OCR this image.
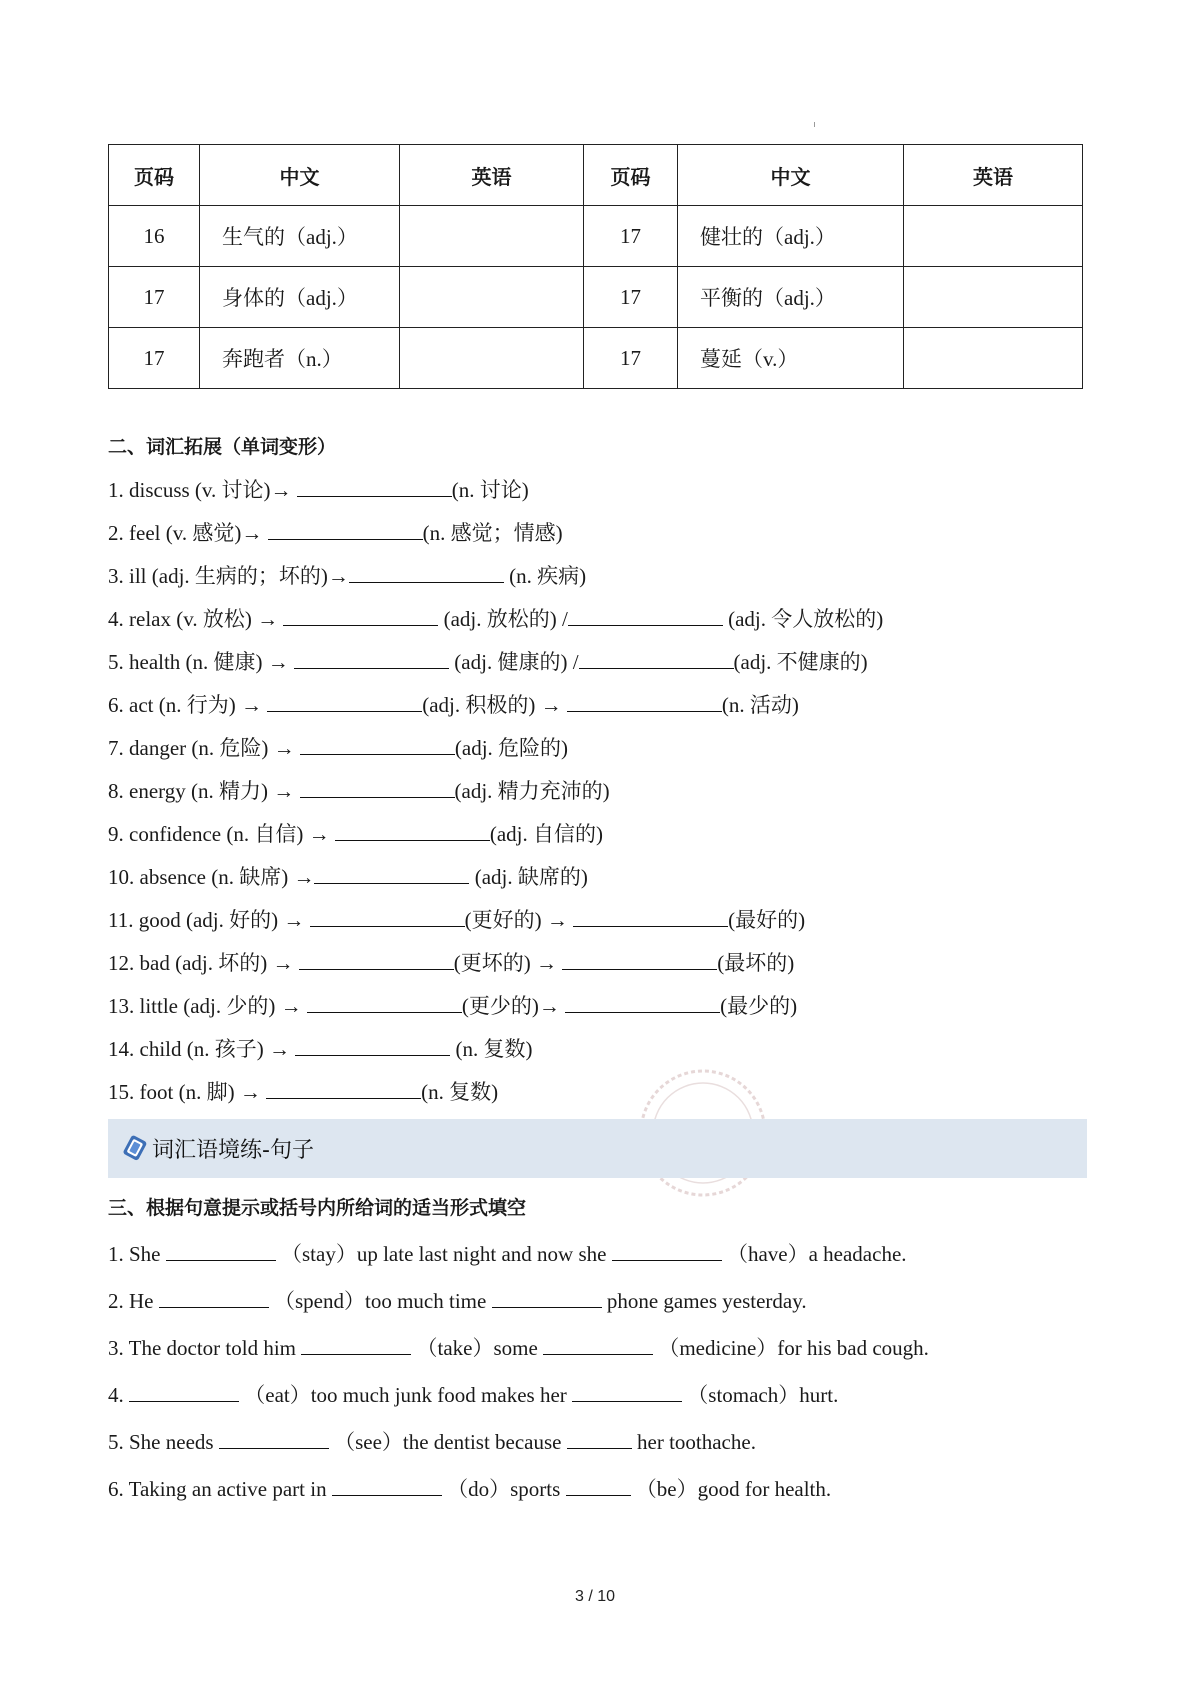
页码	中文	英语	页码	中文	英语
16	生气的（adj.）		17	健壮的（adj.）	
17	身体的（adj.）		17	平衡的（adj.）	
17	奔跑者（n.）		17	蔓延（v.）	
二、词汇拓展（单词变形）
1. discuss (v. 讨论)→	(n. 讨论)
2. feel (v. 感觉)→	(n. 感觉；情感)
3. ill (adj. 生病的；坏的)→	(n. 疾病)
4. relax (v. 放松) →	(adj. 放松的) /	(adj. 令人放松的)
5. health (n. 健康) →	(adj. 健康的) /	(adj. 不健康的)
6. act (n. 行为) →	(adj. 积极的) →	(n. 活动)
7. danger (n. 危险) →	(adj. 危险的)
8. energy (n. 精力) →	(adj. 精力充沛的)
9. confidence (n. 自信) →	(adj. 自信的)
10. absence (n. 缺席) →	(adj. 缺席的)
11. good (adj. 好的) →	(更好的) →	(最好的)
12. bad (adj. 坏的) →	(更坏的) →	(最坏的)
13. little (adj. 少的) →	(更少的)→	(最少的)
14. child (n. 孩子) →	(n. 复数)
15. foot (n. 脚) →	(n. 复数)
词汇语境练-句子
三、根据句意提示或括号内所给词的适当形式填空
1. She	（stay）up late last night and now she	（have）a headache.
2. He	（spend）too much time	phone games yesterday.
3. The doctor told him	（take）some	（medicine）for his bad cough.
4.	（eat）too much junk food makes her	（stomach）hurt.
5. She needs	（see）the dentist because	her toothache.
6. Taking an active part in	（do）sports	（be）good for health.
3 / 10
